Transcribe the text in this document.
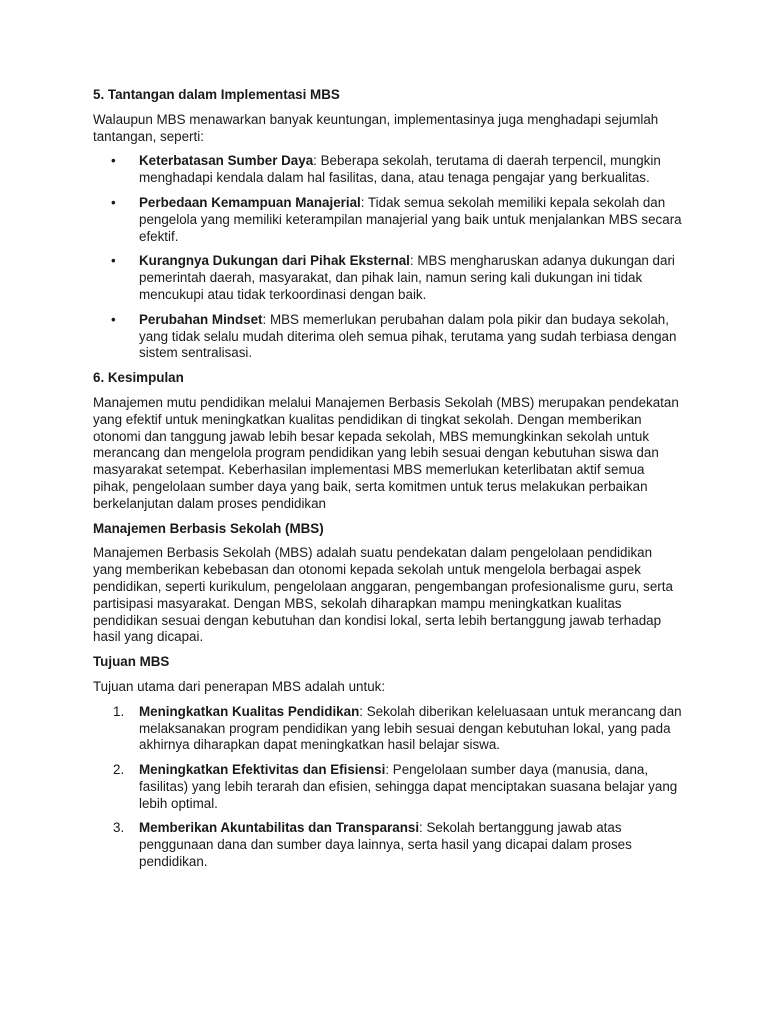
5. Tantangan dalam Implementasi MBS

Walaupun MBS menawarkan banyak keuntungan, implementasinya juga menghadapi sejumlah tantangan, seperti:

• Keterbatasan Sumber Daya: Beberapa sekolah, terutama di daerah terpencil, mungkin menghadapi kendala dalam hal fasilitas, dana, atau tenaga pengajar yang berkualitas.
• Perbedaan Kemampuan Manajerial: Tidak semua sekolah memiliki kepala sekolah dan pengelola yang memiliki keterampilan manajerial yang baik untuk menjalankan MBS secara efektif.
• Kurangnya Dukungan dari Pihak Eksternal: MBS mengharuskan adanya dukungan dari pemerintah daerah, masyarakat, dan pihak lain, namun sering kali dukungan ini tidak mencukupi atau tidak terkoordinasi dengan baik.
• Perubahan Mindset: MBS memerlukan perubahan dalam pola pikir dan budaya sekolah, yang tidak selalu mudah diterima oleh semua pihak, terutama yang sudah terbiasa dengan sistem sentralisasi.
6. Kesimpulan

Manajemen mutu pendidikan melalui Manajemen Berbasis Sekolah (MBS) merupakan pendekatan yang efektif untuk meningkatkan kualitas pendidikan di tingkat sekolah. Dengan memberikan otonomi dan tanggung jawab lebih besar kepada sekolah, MBS memungkinkan sekolah untuk merancang dan mengelola program pendidikan yang lebih sesuai dengan kebutuhan siswa dan masyarakat setempat. Keberhasilan implementasi MBS memerlukan keterlibatan aktif semua pihak, pengelolaan sumber daya yang baik, serta komitmen untuk terus melakukan perbaikan berkelanjutan dalam proses pendidikan

Manajemen Berbasis Sekolah (MBS)

Manajemen Berbasis Sekolah (MBS) adalah suatu pendekatan dalam pengelolaan pendidikan yang memberikan kebebasan dan otonomi kepada sekolah untuk mengelola berbagai aspek pendidikan, seperti kurikulum, pengelolaan anggaran, pengembangan profesionalisme guru, serta partisipasi masyarakat. Dengan MBS, sekolah diharapkan mampu meningkatkan kualitas pendidikan sesuai dengan kebutuhan dan kondisi lokal, serta lebih bertanggung jawab terhadap hasil yang dicapai.

Tujuan MBS

Tujuan utama dari penerapan MBS adalah untuk:

1. Meningkatkan Kualitas Pendidikan: Sekolah diberikan keleluasaan untuk merancang dan melaksanakan program pendidikan yang lebih sesuai dengan kebutuhan lokal, yang pada akhirnya diharapkan dapat meningkatkan hasil belajar siswa.
2. Meningkatkan Efektivitas dan Efisiensi: Pengelolaan sumber daya (manusia, dana, fasilitas) yang lebih terarah dan efisien, sehingga dapat menciptakan suasana belajar yang lebih optimal.
3. Memberikan Akuntabilitas dan Transparansi: Sekolah bertanggung jawab atas penggunaan dana dan sumber daya lainnya, serta hasil yang dicapai dalam proses pendidikan.
